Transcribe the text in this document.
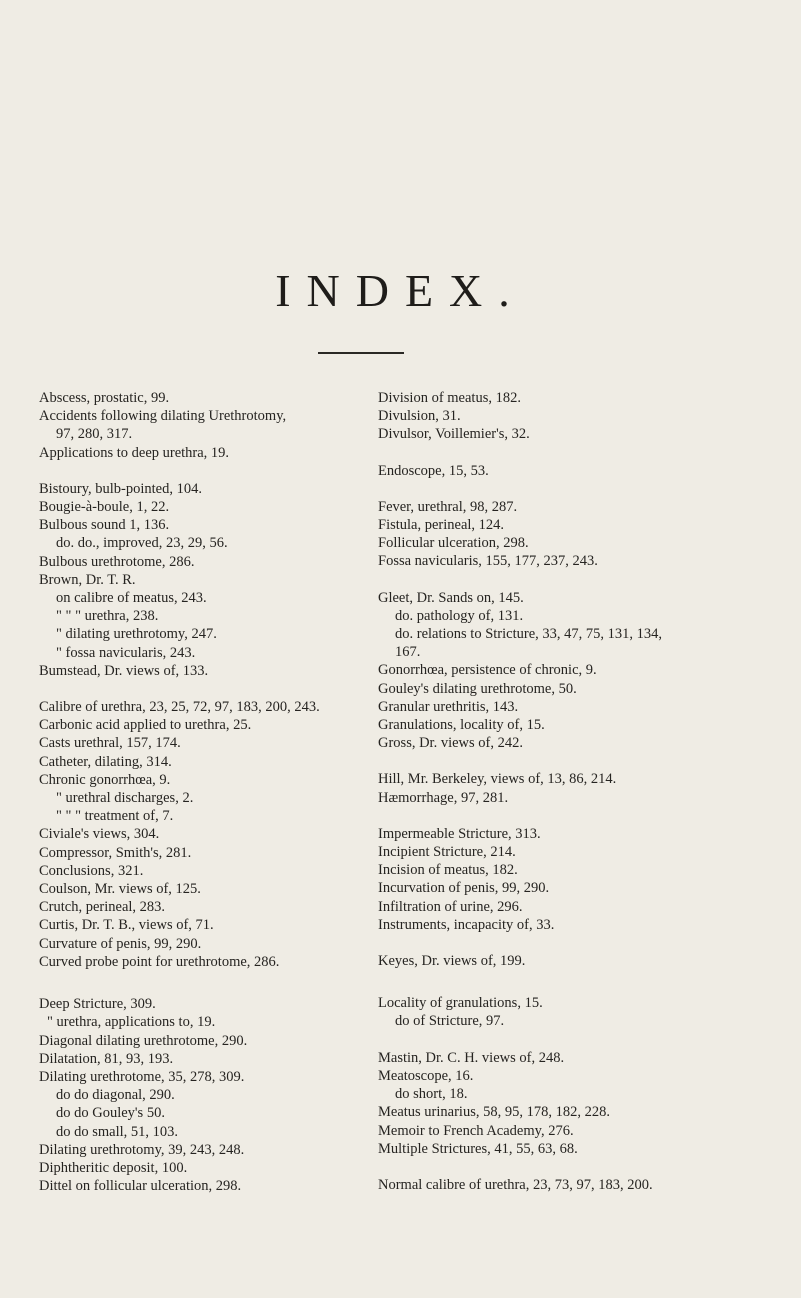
INDEX.
Abscess, prostatic, 99.
Accidents following dilating Urethrotomy,
97, 280, 317.
Applications to deep urethra, 19.
Bistoury, bulb-pointed, 104.
Bougie-à-boule, 1, 22.
Bulbous sound 1, 136.
do. do., improved, 23, 29, 56.
Bulbous urethrotome, 286.
Brown, Dr. T. R.
on calibre of meatus, 243.
" " " urethra, 238.
" dilating urethrotomy, 247.
" fossa navicularis, 243.
Bumstead, Dr. views of, 133.
Calibre of urethra, 23, 25, 72, 97, 183, 200, 243.
Carbonic acid applied to urethra, 25.
Casts urethral, 157, 174.
Catheter, dilating, 314.
Chronic gonorrhœa, 9.
" urethral discharges, 2.
" " " treatment of, 7.
Civiale's views, 304.
Compressor, Smith's, 281.
Conclusions, 321.
Coulson, Mr. views of, 125.
Crutch, perineal, 283.
Curtis, Dr. T. B., views of, 71.
Curvature of penis, 99, 290.
Curved probe point for urethrotome, 286.
Deep Stricture, 309.
" urethra, applications to, 19.
Diagonal dilating urethrotome, 290.
Dilatation, 81, 93, 193.
Dilating urethrotome, 35, 278, 309.
do do diagonal, 290.
do do Gouley's 50.
do do small, 51, 103.
Dilating urethrotomy, 39, 243, 248.
Diphtheritic deposit, 100.
Dittel on follicular ulceration, 298.
Division of meatus, 182.
Divulsion, 31.
Divulsor, Voillemier's, 32.
Endoscope, 15, 53.
Fever, urethral, 98, 287.
Fistula, perineal, 124.
Follicular ulceration, 298.
Fossa navicularis, 155, 177, 237, 243.
Gleet, Dr. Sands on, 145.
do. pathology of, 131.
do. relations to Stricture, 33, 47, 75, 131, 134,
167.
Gonorrhœa, persistence of chronic, 9.
Gouley's dilating urethrotome, 50.
Granular urethritis, 143.
Granulations, locality of, 15.
Gross, Dr. views of, 242.
Hill, Mr. Berkeley, views of, 13, 86, 214.
Hæmorrhage, 97, 281.
Impermeable Stricture, 313.
Incipient Stricture, 214.
Incision of meatus, 182.
Incurvation of penis, 99, 290.
Infiltration of urine, 296.
Instruments, incapacity of, 33.
Keyes, Dr. views of, 199.
Locality of granulations, 15.
do of Stricture, 97.
Mastin, Dr. C. H. views of, 248.
Meatoscope, 16.
do short, 18.
Meatus urinarius, 58, 95, 178, 182, 228.
Memoir to French Academy, 276.
Multiple Strictures, 41, 55, 63, 68.
Normal calibre of urethra, 23, 73, 97, 183, 200.
